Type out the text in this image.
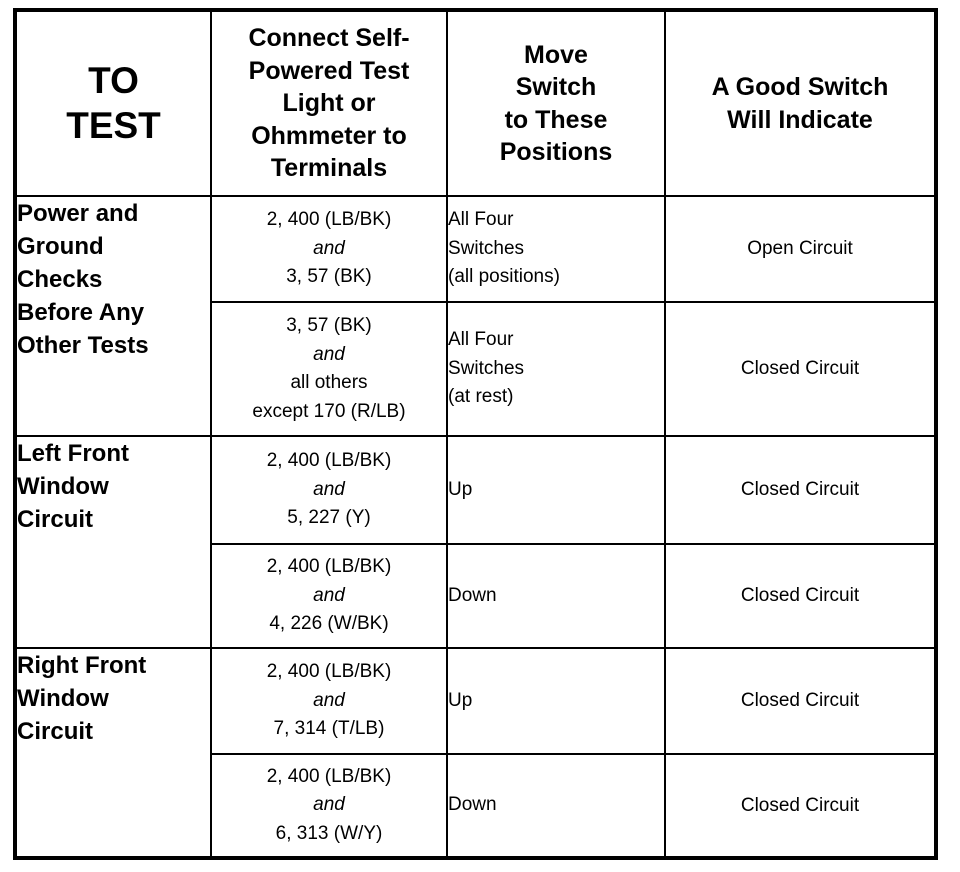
TO
TEST	Connect Self-
Powered Test
Light or
Ohmmeter to
Terminals	Move
Switch
to These
Positions	A Good Switch
Will Indicate

Power and
Ground
Checks
Before Any
Other Tests	2, 400 (LB/BK)
and
3, 57 (BK)	All Four
Switches
(all positions)	Open Circuit

	3, 57 (BK)
and
all others
except 170 (R/LB)	All Four
Switches
(at rest)	Closed Circuit

Left Front
Window
Circuit	2, 400 (LB/BK)
and
5, 227 (Y)	Up	Closed Circuit

	2, 400 (LB/BK)
and
4, 226 (W/BK)	Down	Closed Circuit

Right Front
Window
Circuit	2, 400 (LB/BK)
and
7, 314 (T/LB)	Up	Closed Circuit

	2, 400 (LB/BK)
and
6, 313 (W/Y)	Down	Closed Circuit
